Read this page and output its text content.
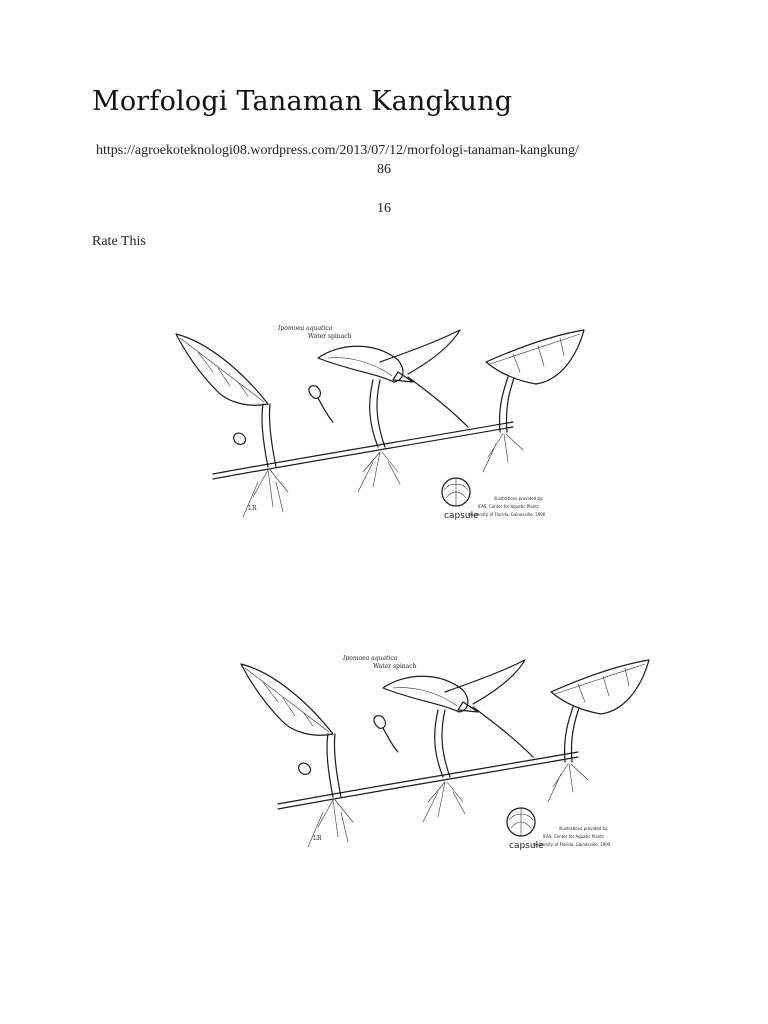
Morfologi Tanaman Kangkung
https://agroekoteknologi08.wordpress.com/2013/07/12/morfologi-tanaman-kangkung/
86
16
Rate This
Ipomoea aquatica
Water spinach
capsule
illustrations provided by:
IFAS, Center for Aquatic Plants
University of Florida, Gainesville, 1990
LR
Ipomoea aquatica
Water spinach
capsule
illustrations provided by:
IFAS, Center for Aquatic Plants
University of Florida, Gainesville, 1990
LR
